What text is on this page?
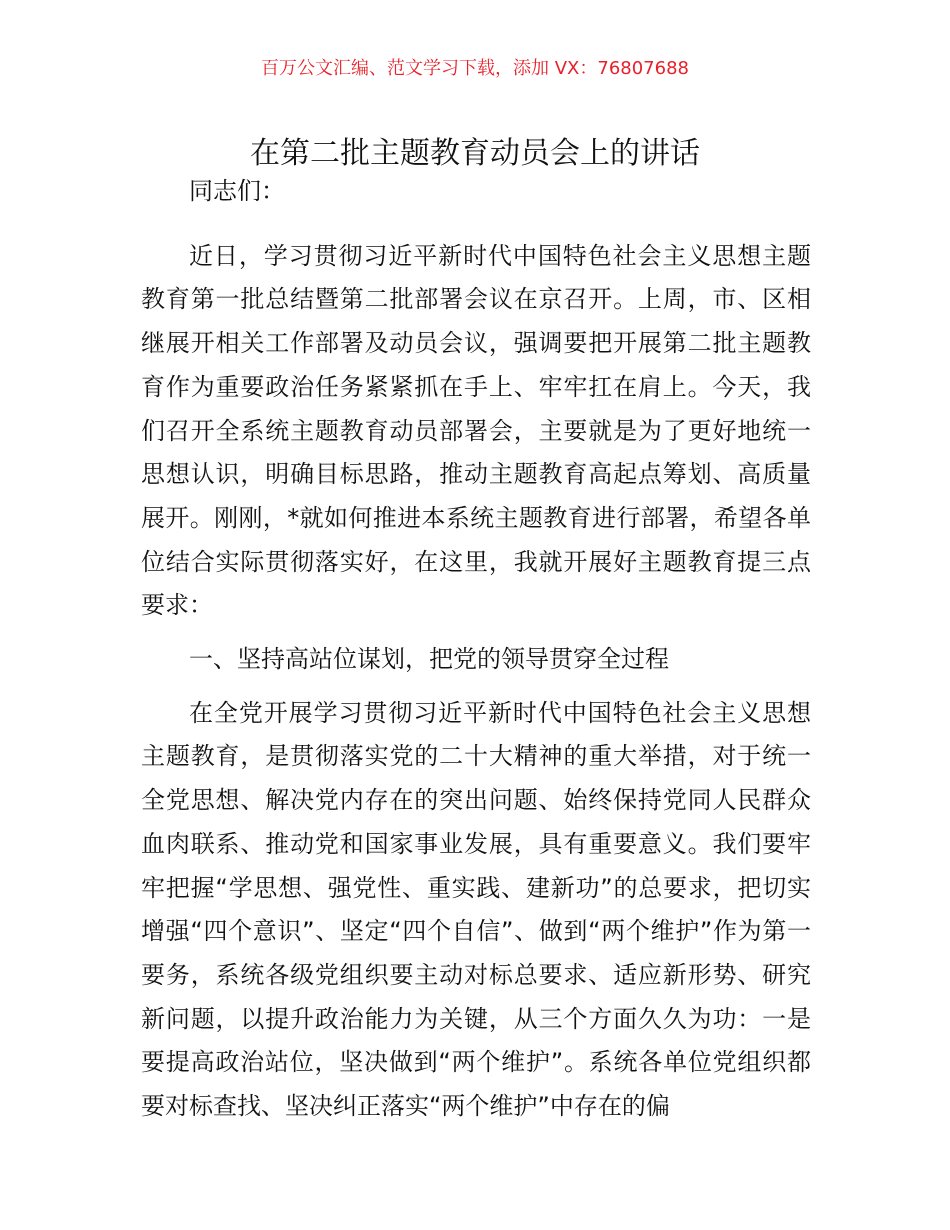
百万公文汇编、范文学习下载，添加 VX：76807688
在第二批主题教育动员会上的讲话

同志们：

近日，学习贯彻习近平新时代中国特色社会主义思想主题教育第一批总结暨第二批部署会议在京召开。上周，市、区相继展开相关工作部署及动员会议，强调要把开展第二批主题教育作为重要政治任务紧紧抓在手上、牢牢扛在肩上。今天，我们召开全系统主题教育动员部署会，主要就是为了更好地统一思想认识，明确目标思路，推动主题教育高起点筹划、高质量展开。刚刚，*就如何推进本系统主题教育进行部署，希望各单位结合实际贯彻落实好，在这里，我就开展好主题教育提三点要求：

一、坚持高站位谋划，把党的领导贯穿全过程

在全党开展学习贯彻习近平新时代中国特色社会主义思想主题教育，是贯彻落实党的二十大精神的重大举措，对于统一全党思想、解决党内存在的突出问题、始终保持党同人民群众血肉联系、推动党和国家事业发展，具有重要意义。我们要牢牢把握“学思想、强党性、重实践、建新功”的总要求，把切实增强“四个意识”、坚定“四个自信”、做到“两个维护”作为第一要务，系统各级党组织要主动对标总要求、适应新形势、研究新问题，以提升政治能力为关键，从三个方面久久为功：一是要提高政治站位，坚决做到“两个维护”。系统各单位党组织都要对标查找、坚决纠正落实“两个维护”中存在的偏
